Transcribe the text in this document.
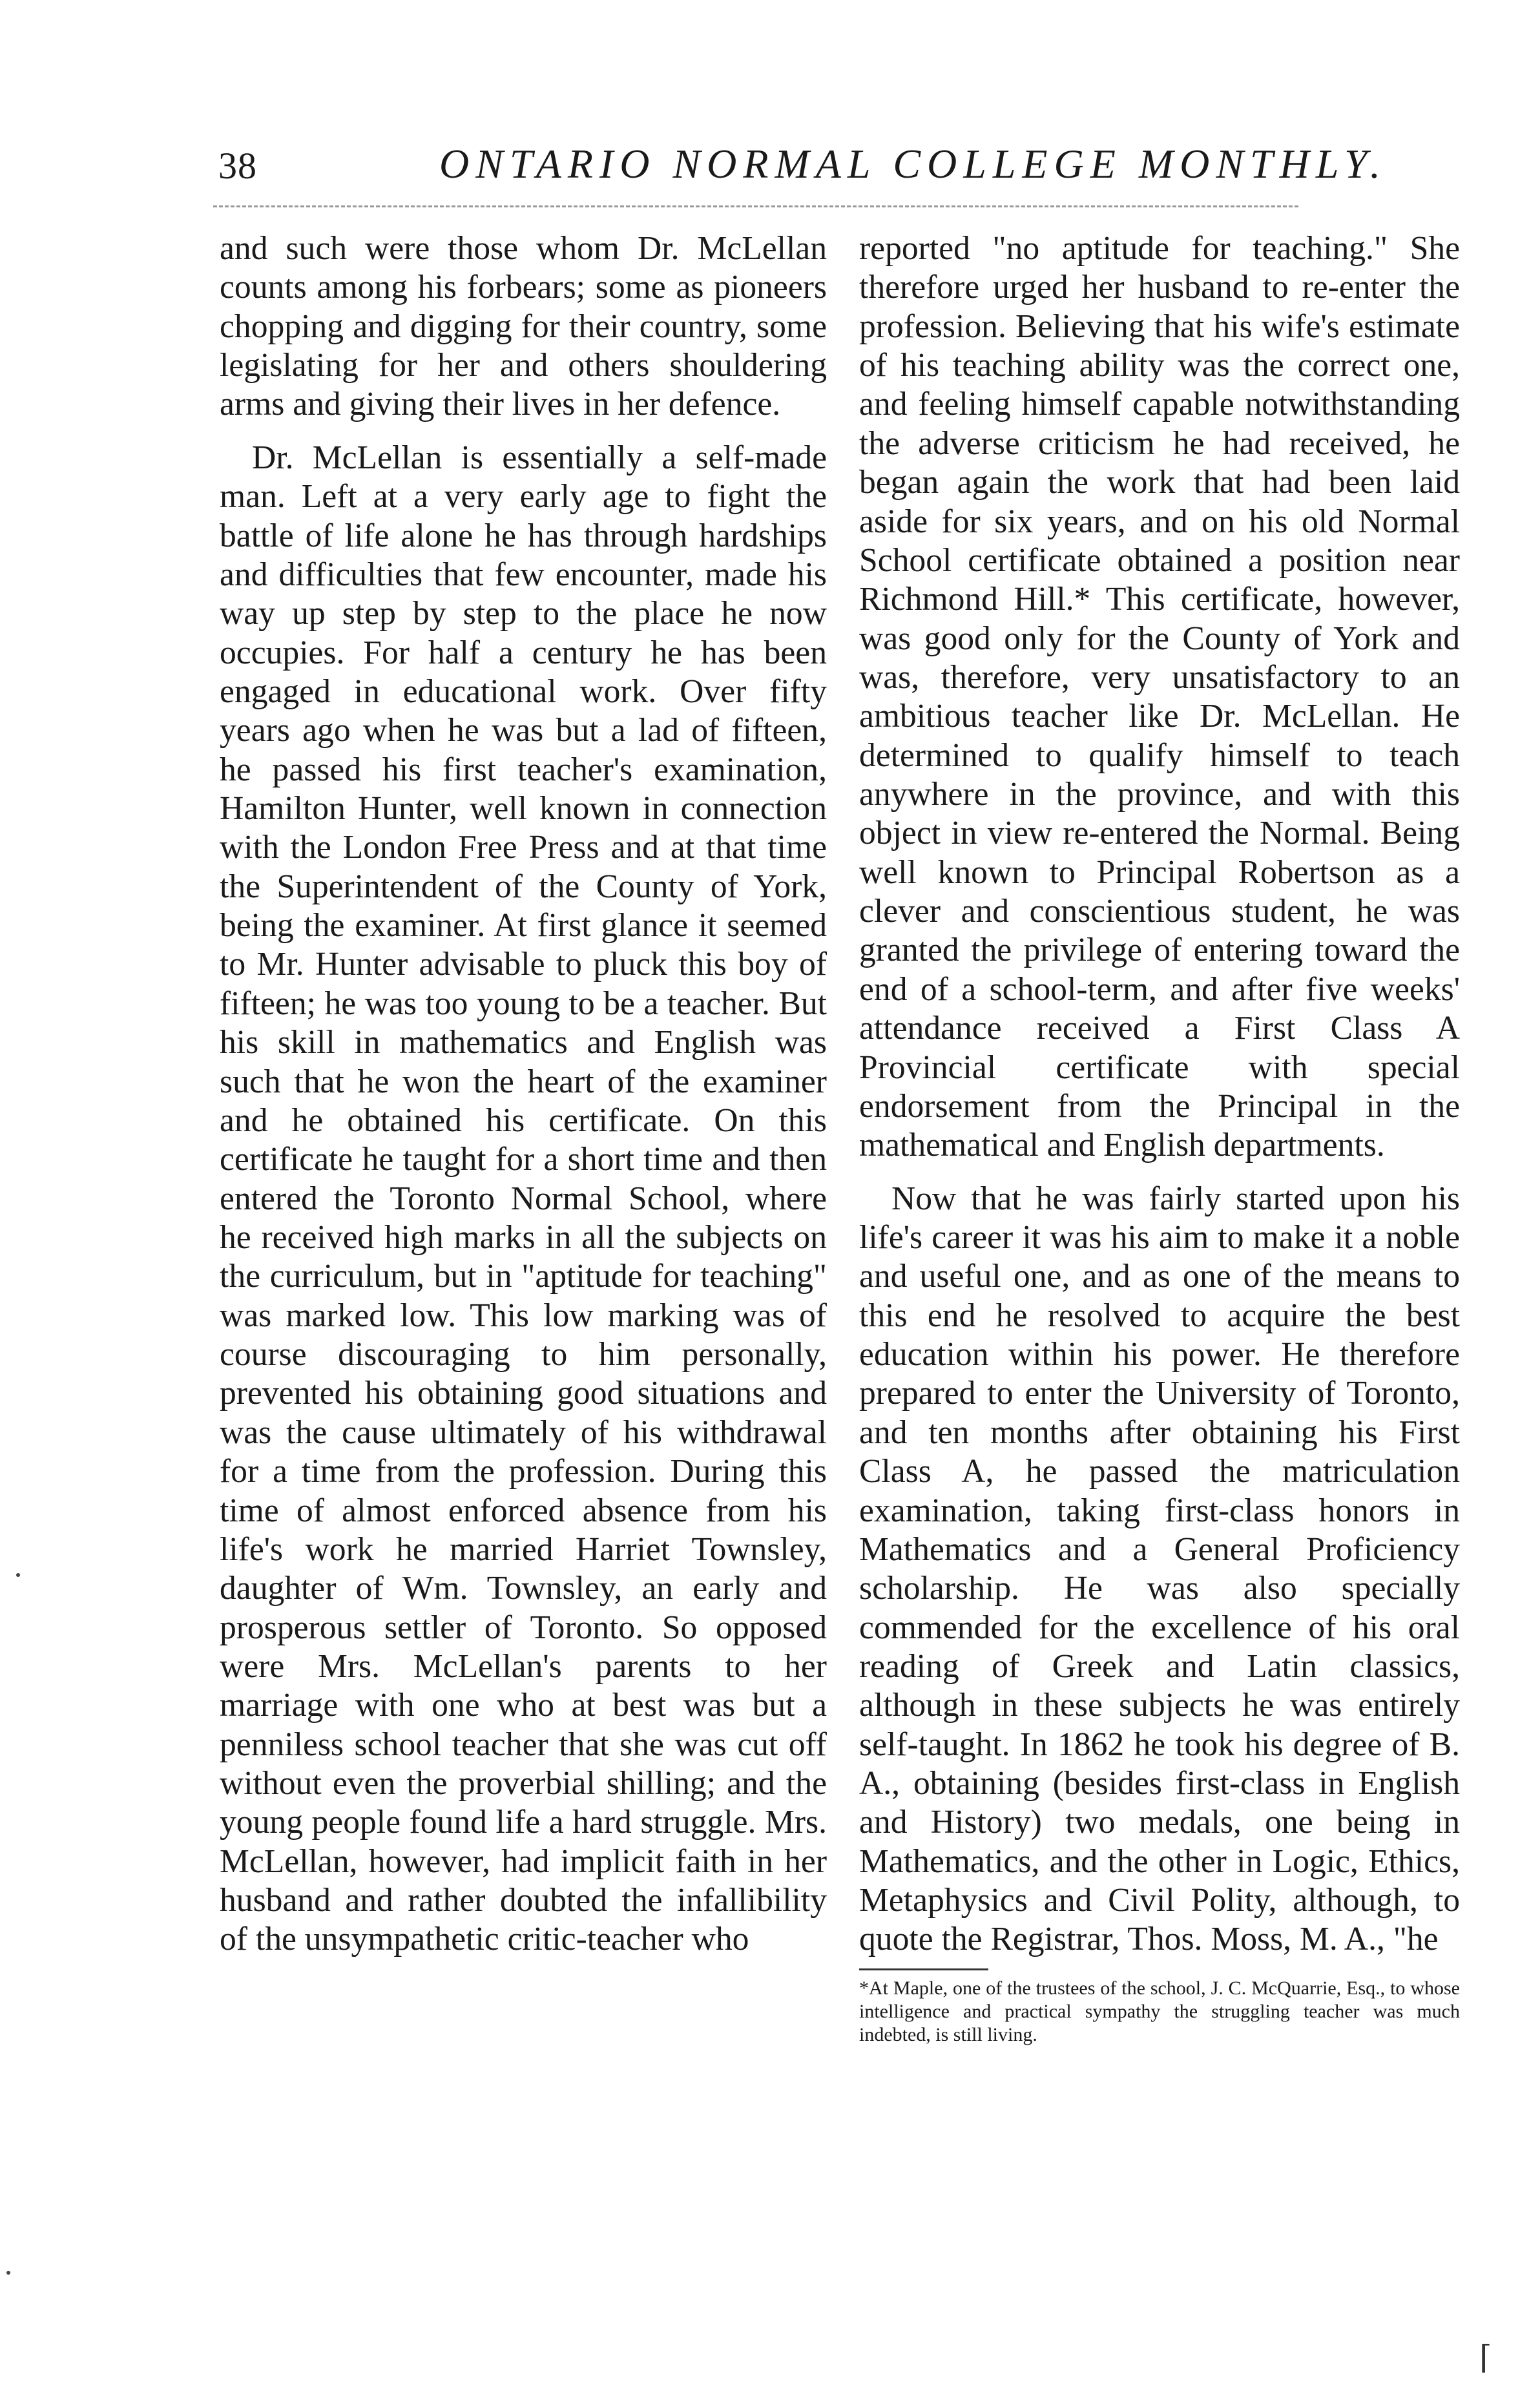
38	ONTARIO NORMAL COLLEGE MONTHLY.

and such were those whom Dr. McLellan counts among his forbears; some as pioneers chopping and digging for their country, some legislating for her and others shouldering arms and giving their lives in her defence.

Dr. McLellan is essentially a self-made man. Left at a very early age to fight the battle of life alone he has through hardships and difficulties that few encounter, made his way up step by step to the place he now occupies. For half a century he has been engaged in educational work. Over fifty years ago when he was but a lad of fifteen, he passed his first teacher's examination, Hamilton Hunter, well known in connection with the London Free Press and at that time the Superintendent of the County of York, being the examiner. At first glance it seemed to Mr. Hunter advisable to pluck this boy of fifteen; he was too young to be a teacher. But his skill in mathematics and English was such that he won the heart of the examiner and he obtained his certificate. On this certificate he taught for a short time and then entered the Toronto Normal School, where he received high marks in all the subjects on the curriculum, but in "aptitude for teaching" was marked low. This low marking was of course discouraging to him personally, prevented his obtaining good situations and was the cause ultimately of his withdrawal for a time from the profession. During this time of almost enforced absence from his life's work he married Harriet Townsley, daughter of Wm. Townsley, an early and prosperous settler of Toronto. So opposed were Mrs. McLellan's parents to her marriage with one who at best was but a penniless school teacher that she was cut off without even the proverbial shilling; and the young people found life a hard struggle. Mrs. McLellan, however, had implicit faith in her husband and rather doubted the infallibility of the unsympathetic critic-teacher who

reported "no aptitude for teaching." She therefore urged her husband to re-enter the profession. Believing that his wife's estimate of his teaching ability was the correct one, and feeling himself capable notwithstanding the adverse criticism he had received, he began again the work that had been laid aside for six years, and on his old Normal School certificate obtained a position near Richmond Hill.* This certificate, however, was good only for the County of York and was, therefore, very unsatisfactory to an ambitious teacher like Dr. McLellan. He determined to qualify himself to teach anywhere in the province, and with this object in view re-entered the Normal. Being well known to Principal Robertson as a clever and conscientious student, he was granted the privilege of entering toward the end of a school-term, and after five weeks' attendance received a First Class A Provincial certificate with special endorsement from the Principal in the mathematical and English departments.

Now that he was fairly started upon his life's career it was his aim to make it a noble and useful one, and as one of the means to this end he resolved to acquire the best education within his power. He therefore prepared to enter the University of Toronto, and ten months after obtaining his First Class A, he passed the matriculation examination, taking first-class honors in Mathematics and a General Proficiency scholarship. He was also specially commended for the excellence of his oral reading of Greek and Latin classics, although in these subjects he was entirely self-taught. In 1862 he took his degree of B. A., obtaining (besides first-class in English and History) two medals, one being in Mathematics, and the other in Logic, Ethics, Metaphysics and Civil Polity, although, to quote the Registrar, Thos. Moss, M. A., "he

*At Maple, one of the trustees of the school, J. C. McQuarrie, Esq., to whose intelligence and practical sympathy the struggling teacher was much indebted, is still living.

⌈
